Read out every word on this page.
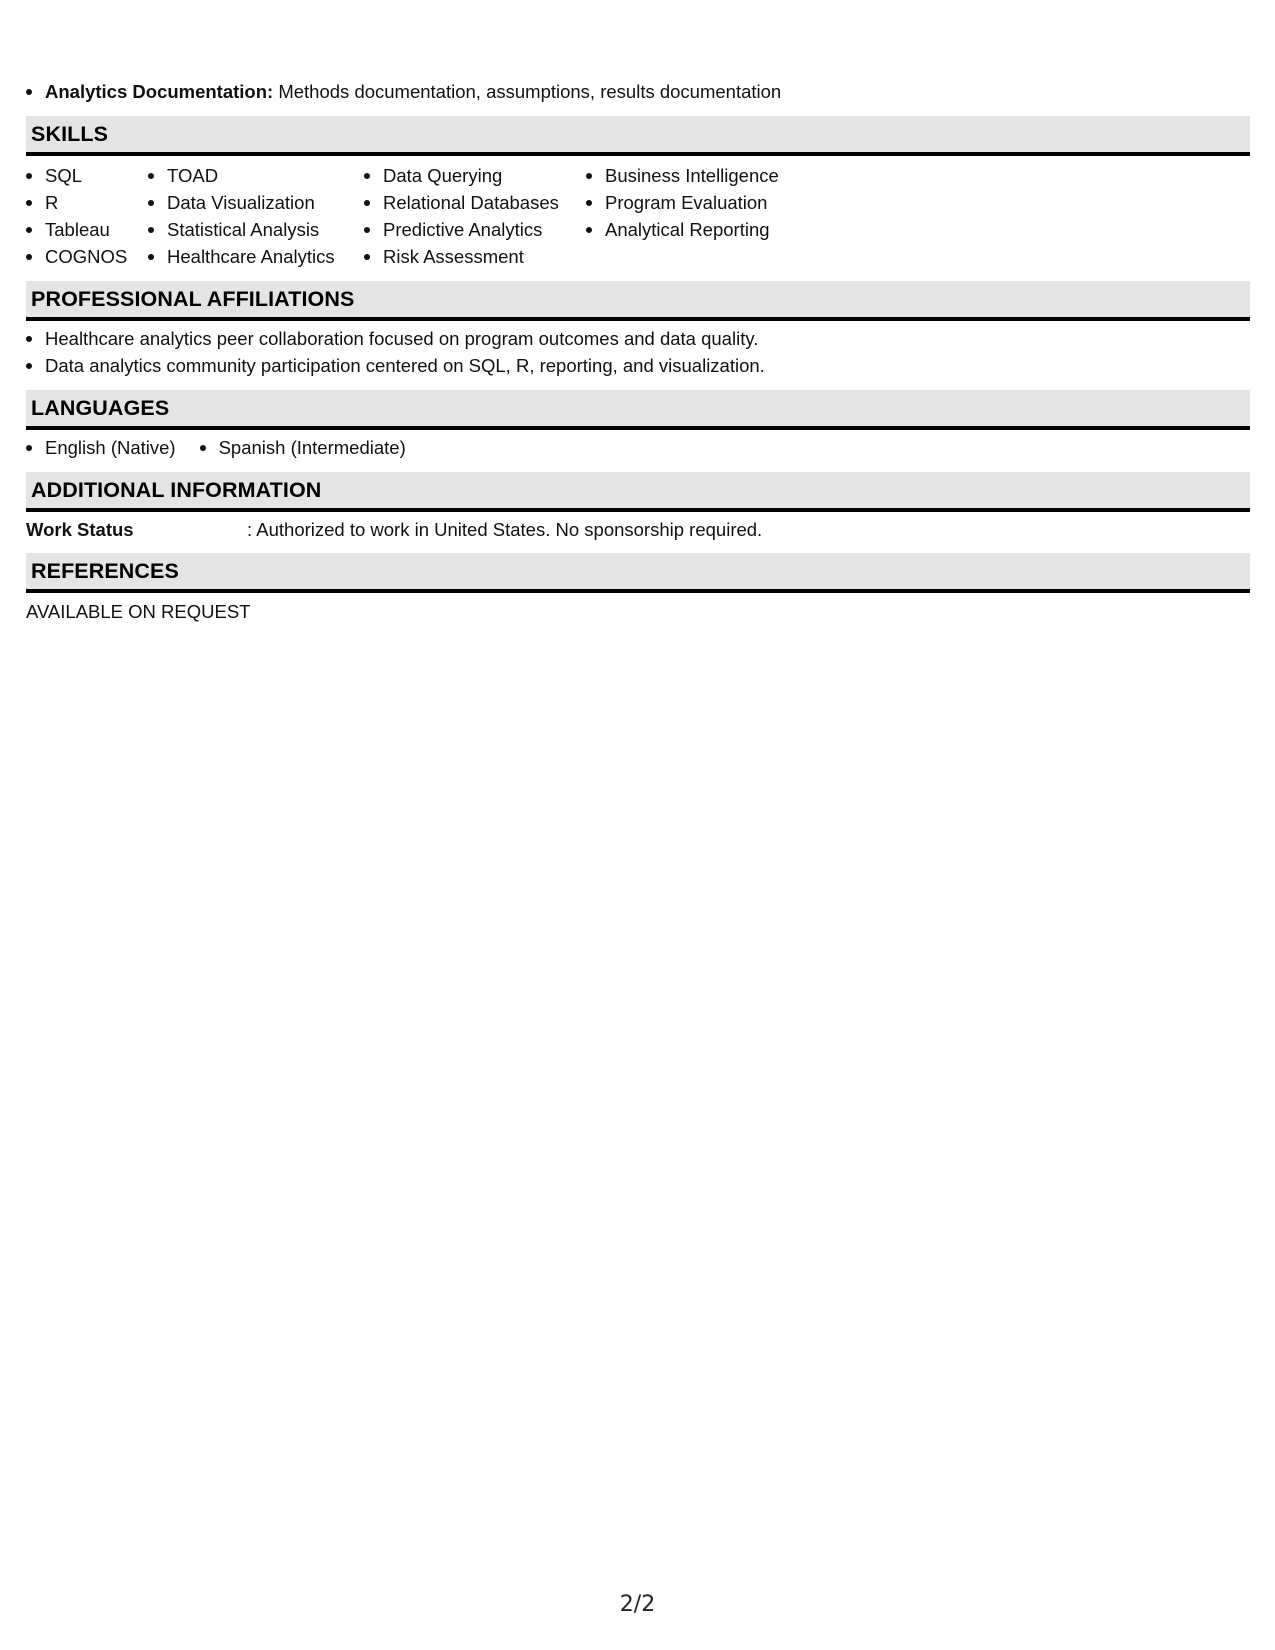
Analytics Documentation: Methods documentation, assumptions, results documentation
SKILLS
SQL
R
Tableau
COGNOS
TOAD
Data Visualization
Statistical Analysis
Healthcare Analytics
Data Querying
Relational Databases
Predictive Analytics
Risk Assessment
Business Intelligence
Program Evaluation
Analytical Reporting
PROFESSIONAL AFFILIATIONS
Healthcare analytics peer collaboration focused on program outcomes and data quality.
Data analytics community participation centered on SQL, R, reporting, and visualization.
LANGUAGES
English (Native)	Spanish (Intermediate)
ADDITIONAL INFORMATION
Work Status	: Authorized to work in United States. No sponsorship required.
REFERENCES
AVAILABLE ON REQUEST
2/2
